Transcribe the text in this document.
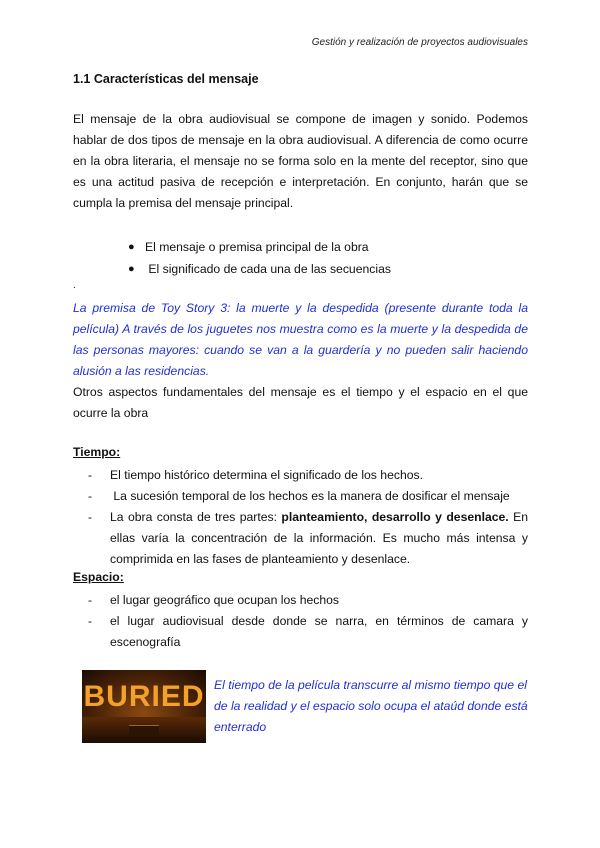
Gestión y realización de proyectos audiovisuales
1.1 Características del mensaje
El mensaje de la obra audiovisual se compone de imagen y sonido. Podemos hablar de dos tipos de mensaje en la obra audiovisual. A diferencia de como ocurre en la obra literaria, el mensaje no se forma solo en la mente del receptor, sino que es una actitud pasiva de recepción e interpretación. En conjunto, harán que se cumpla la premisa del mensaje principal.
● El mensaje o premisa principal de la obra
● El significado de cada una de las secuencias
.
La premisa de Toy Story 3: la muerte y la despedida (presente durante toda la película) A través de los juguetes nos muestra como es la muerte y la despedida de las personas mayores: cuando se van a la guardería y no pueden salir haciendo alusión a las residencias.
Otros aspectos fundamentales del mensaje es el tiempo y el espacio en el que ocurre la obra
Tiempo:
-	El tiempo histórico determina el significado de los hechos.
-	La sucesión temporal de los hechos es la manera de dosificar el mensaje
-	La obra consta de tres partes: planteamiento, desarrollo y desenlace. En ellas varía la concentración de la información. Es mucho más intensa y comprimida en las fases de planteamiento y desenlace.
Espacio:
-	el lugar geográfico que ocupan los hechos
-	el lugar audiovisual desde donde se narra, en términos de camara y escenografía
BURIED El tiempo de la película transcurre al mismo tiempo que el de la realidad y el espacio solo ocupa el ataúd donde está enterrado
